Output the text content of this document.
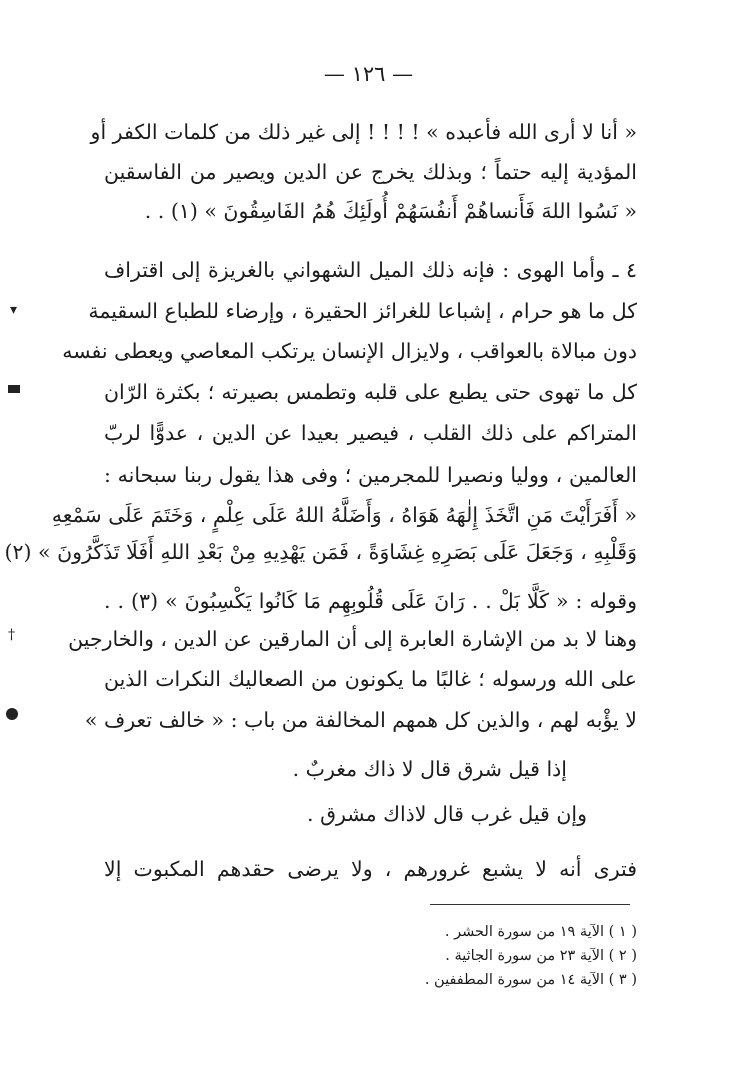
— ١٢٦ —
« أنا لا أرى الله فأعبده » ! ! ! ! إلى غير ذلك من كلمات الكفر أو
المؤدية إليه حتماً ؛ وبذلك يخرج عن الدين ويصير من الفاسقين
« نَسُوا اللهَ فَأَنساهُمْ أَنفُسَهُمْ أُولَئِكَ هُمُ الفَاسِقُونَ » (١) . .
٤ ـ وأما الهوى : فإنه ذلك الميل الشهواني بالغريزة إلى اقتراف
كل ما هو حرام ، إشباعا للغرائز الحقيرة ، وإرضاء للطباع السقيمة
دون مبالاة بالعواقب ، ولايزال الإنسان يرتكب المعاصي ويعطى نفسه
كل ما تهوى حتى يطبع على قلبه وتطمس بصيرته ؛ بكثرة الرّان
المتراكم على ذلك القلب ، فيصير بعيدا عن الدين ، عدوًّا لربّ
العالمين ، ووليا ونصيرا للمجرمين ؛ وفى هذا يقول ربنا سبحانه :
« أَفَرَأَيْتَ مَنِ اتَّخَذَ إِلٰهَهُ هَوَاهُ ، وَأَضَلَّهُ اللهُ عَلَى عِلْمٍ ، وَخَتَمَ عَلَى سَمْعِهِ
وَقَلْبِهِ ، وَجَعَلَ عَلَى بَصَرِهِ غِشَاوَةً ، فَمَن يَهْدِيهِ مِنْ بَعْدِ اللهِ أَفَلَا تَذَكَّرُونَ » (٢)
وقوله : « كَلَّا بَلْ . . رَانَ عَلَى قُلُوبِهِم مَا كَانُوا يَكْسِبُونَ » (٣) . .
وهنا لا بد من الإشارة العابرة إلى أن المارقين عن الدين ، والخارجين
على الله ورسوله ؛ غالبًا ما يكونون من الصعاليك النكرات الذين
لا يؤْبه لهم ، والذين كل همهم المخالفة من باب : « خالف تعرف »
إذا قيل شرق قال لا ذاك مغربٌ .
وإن قيل غرب قال لاذاك مشرق .
فترى أنه لا يشبع غرورهم ، ولا يرضى حقدهم المكبوت إلا
( ١ ) الآية ١٩ من سورة الحشر .
( ٢ ) الآية ٢٣ من سورة الجاثية .
( ٣ ) الآية ١٤ من سورة المطففين .
▾
†
